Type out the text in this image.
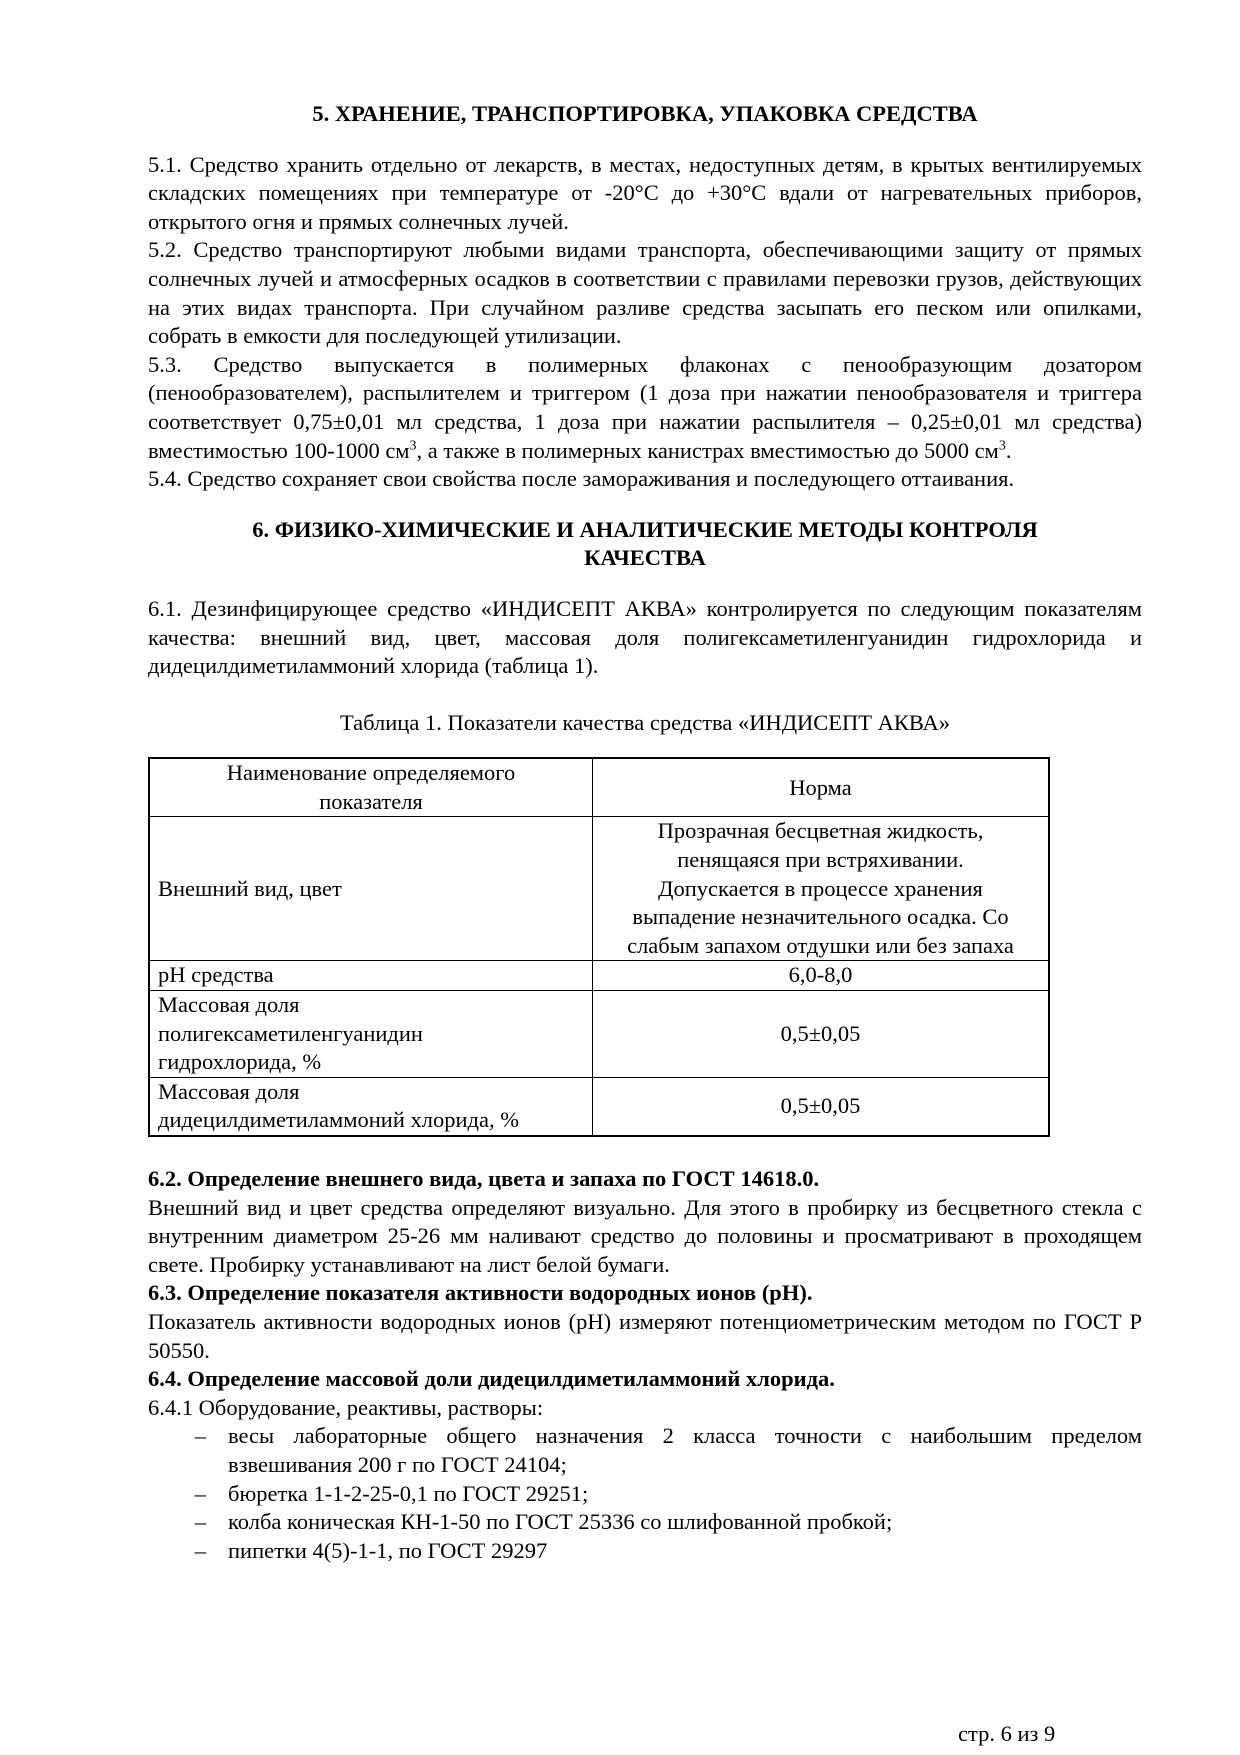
5. ХРАНЕНИЕ, ТРАНСПОРТИРОВКА, УПАКОВКА СРЕДСТВА

5.1. Средство хранить отдельно от лекарств, в местах, недоступных детям, в крытых вентилируемых складских помещениях при температуре от -20°С до +30°С вдали от нагревательных приборов, открытого огня и прямых солнечных лучей.

5.2. Средство транспортируют любыми видами транспорта, обеспечивающими защиту от прямых солнечных лучей и атмосферных осадков в соответствии с правилами перевозки грузов, действующих на этих видах транспорта. При случайном разливе средства засыпать его песком или опилками, собрать в емкости для последующей утилизации.

5.3. Средство выпускается в полимерных флаконах с пенообразующим дозатором (пенообразователем), распылителем и триггером (1 доза при нажатии пенообразователя и триггера соответствует 0,75±0,01 мл средства, 1 доза при нажатии распылителя – 0,25±0,01 мл средства) вместимостью 100-1000 $см^3$, а также в полимерных канистрах вместимостью до 5000 $см^3$.

5.4. Средство сохраняет свои свойства после замораживания и последующего оттаивания.

6. ФИЗИКО-ХИМИЧЕСКИЕ И АНАЛИТИЧЕСКИЕ МЕТОДЫ КОНТРОЛЯ
КАЧЕСТВА

6.1. Дезинфицирующее средство «ИНДИСЕПТ АКВА» контролируется по следующим показателям качества: внешний вид, цвет, массовая доля полигексаметиленгуанидин гидрохлорида и дидецилдиметиламмоний хлорида (таблица 1).

Таблица 1. Показатели качества средства «ИНДИСЕПТ АКВА»
Наименование определяемого
показателя	Норма
Внешний вид, цвет	Прозрачная бесцветная жидкость,
пенящаяся при встряхивании.
Допускается в процессе хранения
выпадение незначительного осадка. Со
слабым запахом отдушки или без запаха
рН средства	6,0-8,0
Массовая доля
полигексаметиленгуанидин
гидрохлорида, %	0,5±0,05
Массовая доля
дидецилдиметиламмоний хлорида, %	0,5±0,05

6.2. Определение внешнего вида, цвета и запаха по ГОСТ 14618.0.

Внешний вид и цвет средства определяют визуально. Для этого в пробирку из бесцветного стекла с внутренним диаметром 25-26 мм наливают средство до половины и просматривают в проходящем свете. Пробирку устанавливают на лист белой бумаги.

6.3. Определение показателя активности водородных ионов (рН).

Показатель активности водородных ионов (рН) измеряют потенциометрическим методом по ГОСТ Р 50550.

6.4. Определение массовой доли дидецилдиметиламмоний хлорида.

6.4.1 Оборудование, реактивы, растворы:

– весы лабораторные общего назначения 2 класса точности с наибольшим пределом взвешивания 200 г по ГОСТ 24104;
– бюретка 1-1-2-25-0,1 по ГОСТ 29251;
– колба коническая КН-1-50 по ГОСТ 25336 со шлифованной пробкой;
– пипетки 4(5)-1-1, по ГОСТ 29297
стр. 6 из 9
